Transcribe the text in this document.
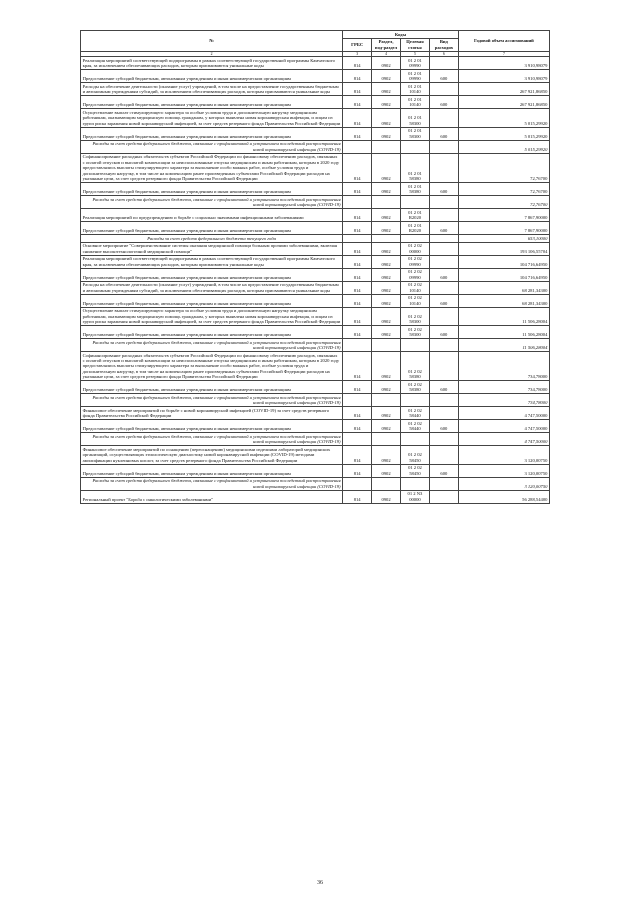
№	Коды				Годовой объем ассигнований
	ГРБС	Раздел, под-раздел	Целевая статья	Вид расходов	
2	3	4	5	6	7
Реализация мероприятий соответствующей подпрограммы в рамках соответствующей государственной программы Камчатского края, за исключением обеспечивающих расходов, которым присваиваются уникальные коды	814	0902	01 2 01 09990		3 910,98079
Предоставление субсидий бюджетным, автономным учреждениям и иным некоммерческим организациям	814	0902	01 2 01 09990	600	3 910,98079
Расходы на обеспечение деятельности (оказание услуг) учреждений, в том числе на предоставление государственным бюджетным и автономным учреждениям субсидий, за исключением обеспечивающих расходов, которым присваиваются уникальные коды	814	0902	01 2 01 10140		267 921,86850
Предоставление субсидий бюджетным, автономным учреждениям и иным некоммерческим организациям	814	0902	01 2 01 10140	600	267 921,86850
Осуществление выплат стимулирующего характера за особые условия труда и дополнительную нагрузку медицинским работникам, оказывающим медицинскую помощь гражданам, у которых выявлена новая коронавирусная инфекция, и лицам из групп риска заражения новой коронавирусной инфекцией, за счет средств резервного фонда Правительства Российской Федерации	814	0902	01 2 01 58300		5 015,29920
Предоставление субсидий бюджетным, автономным учреждениям и иным некоммерческим организациям	814	0902	01 2 01 58300	600	5 015,29920
Расходы за счет средств федерального бюджета, связанные с профилактикой и устранением последствий распространения новой коронавирусной инфекции (COVID-19)					5 015,29920
Софинансирование расходных обязательств субъектов Российской Федерации по финансовому обеспечению расходов, связанных с оплатой отпусков и выплатой компенсации за неиспользованные отпуска медицинским и иным работникам, которым в 2020 году предоставлялись выплаты стимулирующего характера за выполнение особо важных работ, особые условия труда и дополнительную нагрузку, в том числе на компенсацию ранее произведенных субъектами Российской Федерации расходов на указанные цели, за счет средств резервного фонда Правительства Российской Федерации	814	0902	01 2 01 58380		72,76700
Предоставление субсидий бюджетным, автономным учреждениям и иным некоммерческим организациям	814	0902	01 2 01 58380	600	72,76700
Расходы за счет средств федерального бюджета, связанные с профилактикой и устранением последствий распространения новой коронавирусной инфекции (COVID-19)					72,76700
Реализация мероприятий по предупреждению и борьбе с социально значимыми инфекционными заболеваниями	814	0902	01 2 01 R2020		7 867,90000
Предоставление субсидий бюджетным, автономным учреждениям и иным некоммерческим организациям	814	0902	01 2 01 R2020	600	7 867,90000
Расходы за счет средств федерального бюджета текущего года					653,10000
Основное мероприятие "Совершенствование системы оказания медицинской помощи больным прочими заболеваниями, включая снижение высокотехнологичной медицинской помощи"	814	0902	01 2 02 00000		193 106,55704
Реализация мероприятий соответствующей подпрограммы в рамках соответствующей государственной программы Камчатского края, за исключением обеспечивающих расходов, которым присваиваются уникальные коды	814	0902	01 2 02 09990		104 716,64950
Предоставление субсидий бюджетным, автономным учреждениям и иным некоммерческим организациям	814	0902	01 2 02 09990	600	104 716,64950
Расходы на обеспечение деятельности (оказание услуг) учреждений, в том числе на предоставление государственным бюджетным и автономным учреждениям субсидий, за исключением обеспечивающих расходов, которым присваиваются уникальные коды	814	0902	01 2 02 10140		68 281,34300
Предоставление субсидий бюджетным, автономным учреждениям и иным некоммерческим организациям	814	0902	01 2 02 10140	600	68 281,34300
Осуществление выплат стимулирующего характера за особые условия труда и дополнительную нагрузку медицинским работникам, оказывающим медицинскую помощь гражданам, у которых выявлена новая коронавирусная инфекция, и лицам из групп риска заражения новой коронавирусной инфекцией, за счет средств резервного фонда Правительства Российской Федерации	814	0902	01 2 02 58300		11 506,28004
Предоставление субсидий бюджетным, автономным учреждениям и иным некоммерческим организациям	814	0902	01 2 02 58300	600	11 506,28004
Расходы за счет средств федерального бюджета, связанные с профилактикой и устранением последствий распространения новой коронавирусной инфекции (COVID-19)					11 506,28004
Софинансирование расходных обязательств субъектов Российской Федерации по финансовому обеспечению расходов, связанных с оплатой отпусков и выплатой компенсации за неиспользованные отпуска медицинским и иным работникам, которым в 2020 году предоставлялись выплаты стимулирующего характера за выполнение особо важных работ, особые условия труда и дополнительную нагрузку, в том числе на компенсацию ранее произведенных субъектами Российской Федерации расходов на указанные цели, за счет средств резервного фонда Правительства Российской Федерации	814	0902	01 2 02 58380		734,78000
Предоставление субсидий бюджетным, автономным учреждениям и иным некоммерческим организациям	814	0902	01 2 02 58380	600	734,78000
Расходы за счет средств федерального бюджета, связанные с профилактикой и устранением последствий распространения новой коронавирусной инфекции (COVID-19)					734,78000
Финансовое обеспечение мероприятий по борьбе с новой коронавирусной инфекцией (COVID-19) за счет средств резервного фонда Правительства Российской Федерации	814	0902	01 2 02 58440		4 747,50000
Предоставление субсидий бюджетным, автономным учреждениям и иным некоммерческим организациям	814	0902	01 2 02 58440	600	4 747,50000
Расходы за счет средств федерального бюджета, связанные с профилактикой и устранением последствий распространения новой коронавирусной инфекции (COVID-19)					4 747,50000
Финансовое обеспечение мероприятий по оснащению (переоснащению) медицинскими изделиями лабораторий медицинских организаций, осуществляющих этиологическую диагностику новой коронавирусной инфекции (COVID-19) методами амплификации нуклеиновых кислот, за счет средств резервного фонда Правительства Российской Федерации	814	0902	01 2 02 58450		3 120,00750
Предоставление субсидий бюджетным, автономным учреждениям и иным некоммерческим организациям	814	0902	01 2 02 58450	600	3 120,00750
Расходы за счет средств федерального бюджета, связанные с профилактикой и устранением последствий распространения новой коронавирусной инфекции (COVID-19)					3 120,00750
Региональный проект "Борьба с онкологическими заболеваниями"	814	0902	01 2 N3 00000		56 288,54400
36
